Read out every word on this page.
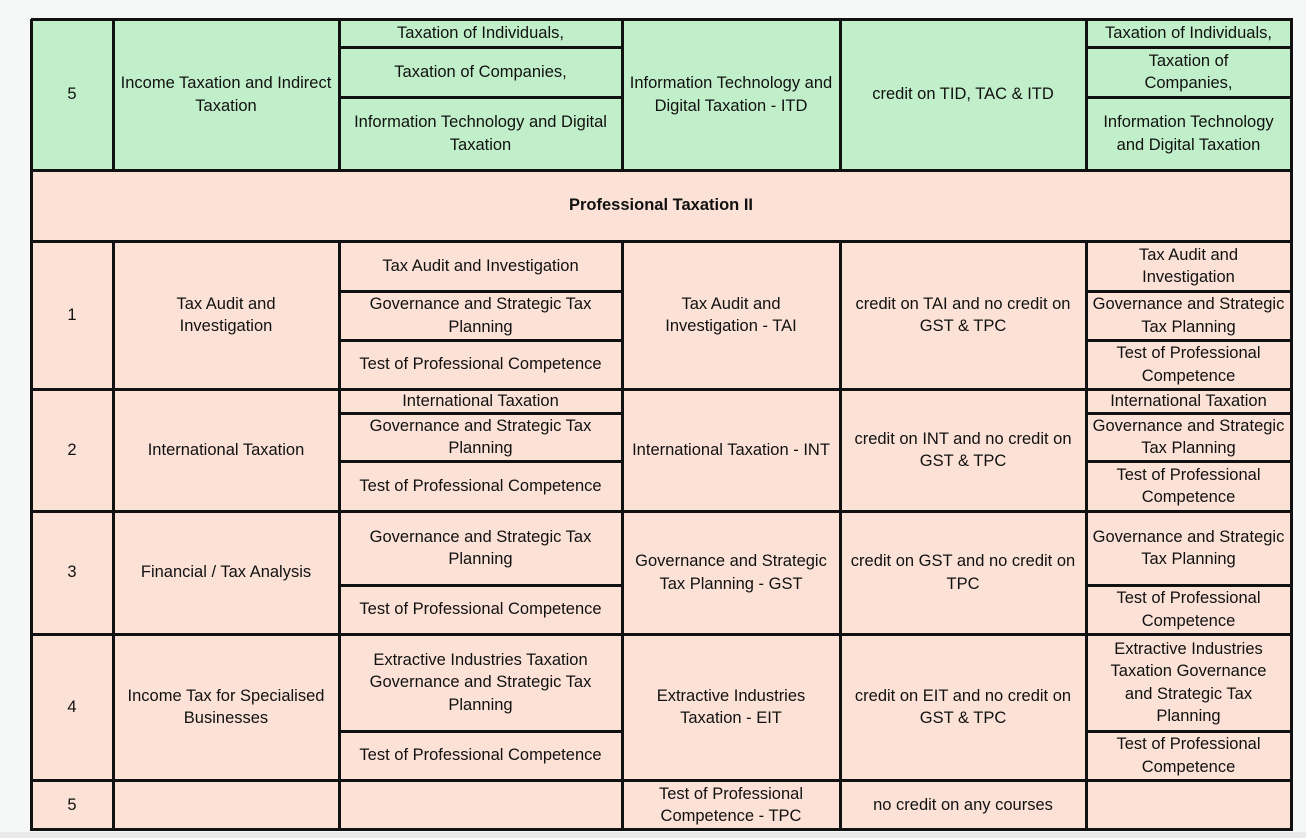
5
Income Taxation and Indirect Taxation
Taxation of Individuals,
Taxation of Companies,
Information Technology and Digital Taxation
Information Technology and Digital Taxation - ITD
credit on TID, TAC & ITD
Taxation of Individuals,
Taxation of Companies,
Information Technology and Digital Taxation
Professional Taxation II
1
Tax Audit and Investigation
Tax Audit and Investigation
Governance and Strategic Tax Planning
Test of Professional Competence
Tax Audit and Investigation - TAI
credit on TAI and no credit on GST & TPC
Tax Audit and Investigation
Governance and Strategic Tax Planning
Test of Professional Competence
2	International Taxation
International Taxation
Governance and Strategic Tax Planning
Test of Professional Competence
International Taxation - INT
credit on INT and no credit on GST & TPC
International Taxation
Governance and Strategic Tax Planning
Test of Professional Competence
3	Financial / Tax Analysis
Governance and Strategic Tax Planning
Test of Professional Competence
Governance and Strategic Tax Planning - GST
credit on GST and no credit on TPC
Governance and Strategic Tax Planning
Test of Professional Competence
4
Income Tax for Specialised Businesses
Extractive Industries Taxation Governance and Strategic Tax Planning
Test of Professional Competence
Extractive Industries Taxation - EIT
credit on EIT and no credit on GST & TPC
Extractive Industries Taxation Governance and Strategic Tax Planning
Test of Professional Competence
5
Test of Professional Competence - TPC
no credit on any courses
